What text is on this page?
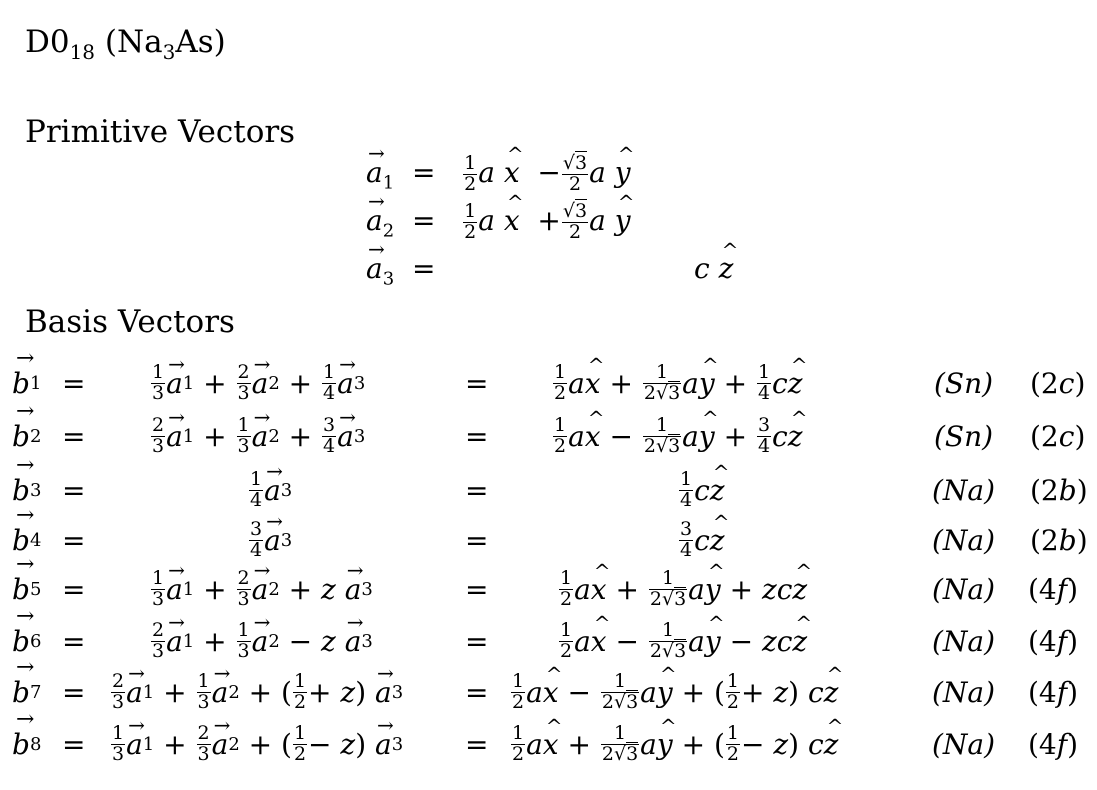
$D0_{18}$ $(Na_3As)$
Primitive Vectors
→ $a_1 = \frac{1}{2}$ a ^ $x - \frac{√3}{2}$ a ^ y
→ $a_2 = \frac{1}{2}$ a ^ $x + \frac{√3}{2}$ a ^ y
→ $a_3$  =	c ^ z
Basis Vectors
→ b 1 =	$\frac{1}{3}$
→ a $1 + \frac{2}{3}$
→ a $2 + \frac{1}{4}$
→ a 3	=	$\frac{1}{2}$ a
^ $x + \frac{1}{2√3}$ a
^ $y + \frac{1}{4}$ c
^ z	(Sn) (2 c )
→ b 2 =	$\frac{2}{3}$
→ a $1 + \frac{1}{3}$
→ a $2 + \frac{3}{4}$
→ a 3	=	$\frac{1}{2}$ a
^ $x - \frac{1}{2√3}$ a
^ $y + \frac{3}{4}$ c
^ z	(Sn) (2 c )
→ b 3 =	$\frac{1}{4}$
→ a 3	=	$\frac{1}{4}$ c
^ z	(Na) (2 b )
→ b 4 =	$\frac{3}{4}$
→ a 3	=	$\frac{3}{4}$ c
^ z	(Na) (2 b )
→ b 5 =	$\frac{1}{3}$
→ a $1 + \frac{2}{3}$
→ a 2 + z

→ a 3	=	$\frac{1}{2}$ a
^ $x + \frac{1}{2√3}$ a
^ y + zc
^ z	(Na) (4 f )
→ b 6 =	$\frac{2}{3}$
→ a $1 + \frac{1}{3}$
→ a 2 − z

→ a 3	=	$\frac{1}{2}$ a
^ $x - \frac{1}{2√3}$ a
^ y − zc
^ z	(Na) (4 f )
→ b $7 = \frac{2}{3}$
→ a $1 + \frac{1}{3}$
→ a 2 + ( $\frac{1}{2} + z$ )
→ a $3 = \frac{1}{2}$ a
^ $x - \frac{1}{2√3}$ a
^ y + ( $\frac{1}{2} + z$ ) c
^ z	(Na) (4 f )
→ b $8 = \frac{1}{3}$
→ a $1 + \frac{2}{3}$
→ a 2 + ( $\frac{1}{2} - z$ )
→ a $3 = \frac{1}{2}$ a
^ $x + \frac{1}{2√3}$ a
^ y + ( $\frac{1}{2} - z$ ) c
^ z	(Na) (4 f )
